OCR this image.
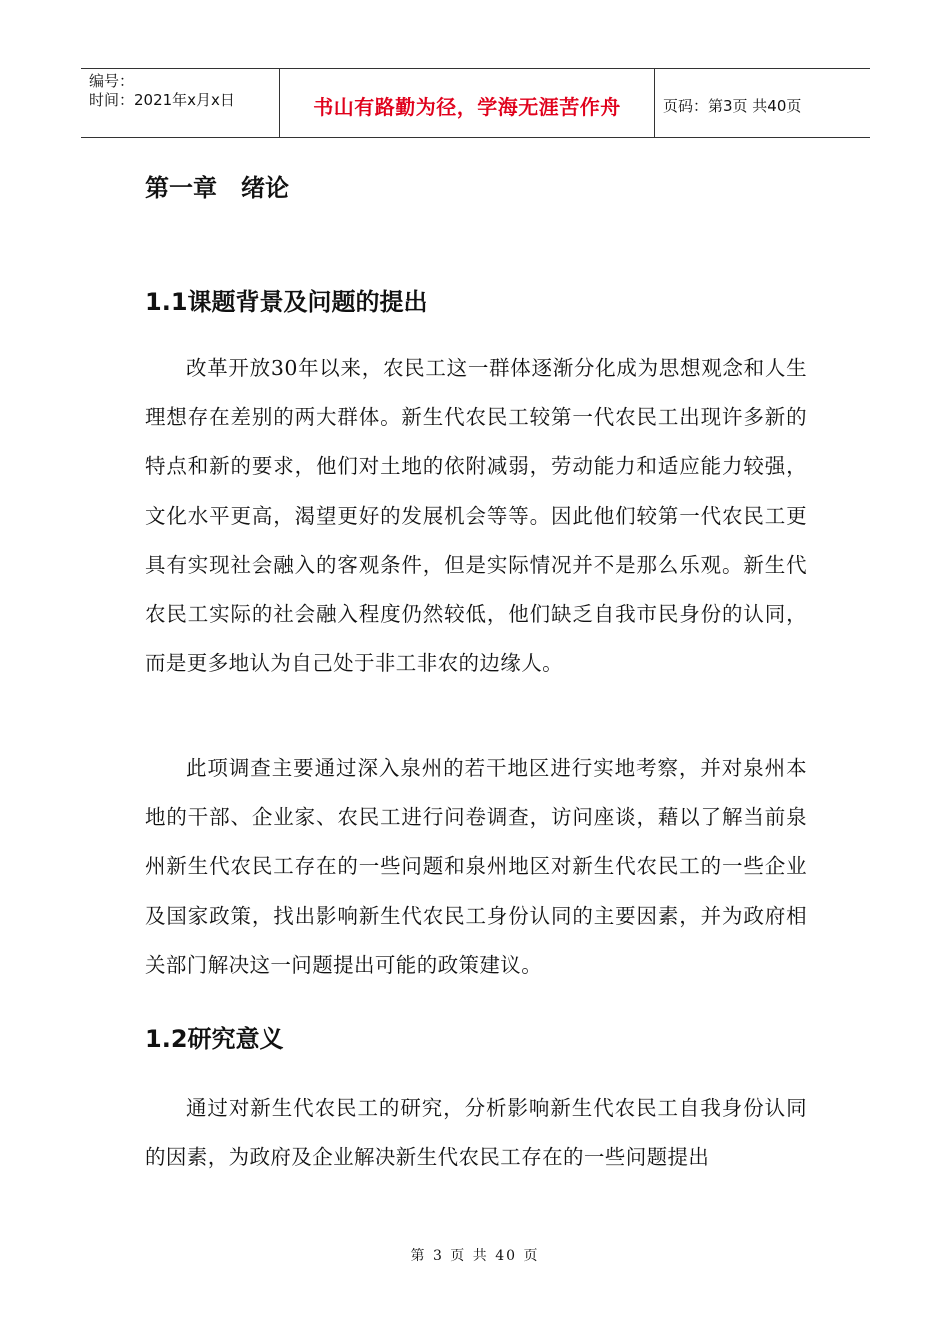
编号：
时间：2021年x月x日	书山有路勤为径，学海无涯苦作舟	页码：第3页 共40页
第一章　绪论
1.1课题背景及问题的提出

改革开放30年以来，农民工这一群体逐渐分化成为思想观念和人生理想存在差别的两大群体。新生代农民工较第一代农民工出现许多新的特点和新的要求，他们对土地的依附减弱，劳动能力和适应能力较强，文化水平更高，渴望更好的发展机会等等。因此他们较第一代农民工更具有实现社会融入的客观条件，但是实际情况并不是那么乐观。新生代农民工实际的社会融入程度仍然较低，他们缺乏自我市民身份的认同，而是更多地认为自己处于非工非农的边缘人。

此项调查主要通过深入泉州的若干地区进行实地考察，并对泉州本地的干部、企业家、农民工进行问卷调查，访问座谈，藉以了解当前泉州新生代农民工存在的一些问题和泉州地区对新生代农民工的一些企业及国家政策，找出影响新生代农民工身份认同的主要因素，并为政府相关部门解决这一问题提出可能的政策建议。

1.2研究意义

通过对新生代农民工的研究，分析影响新生代农民工自我身份认同的因素，为政府及企业解决新生代农民工存在的一些问题提出

第 3 页 共 40 页
